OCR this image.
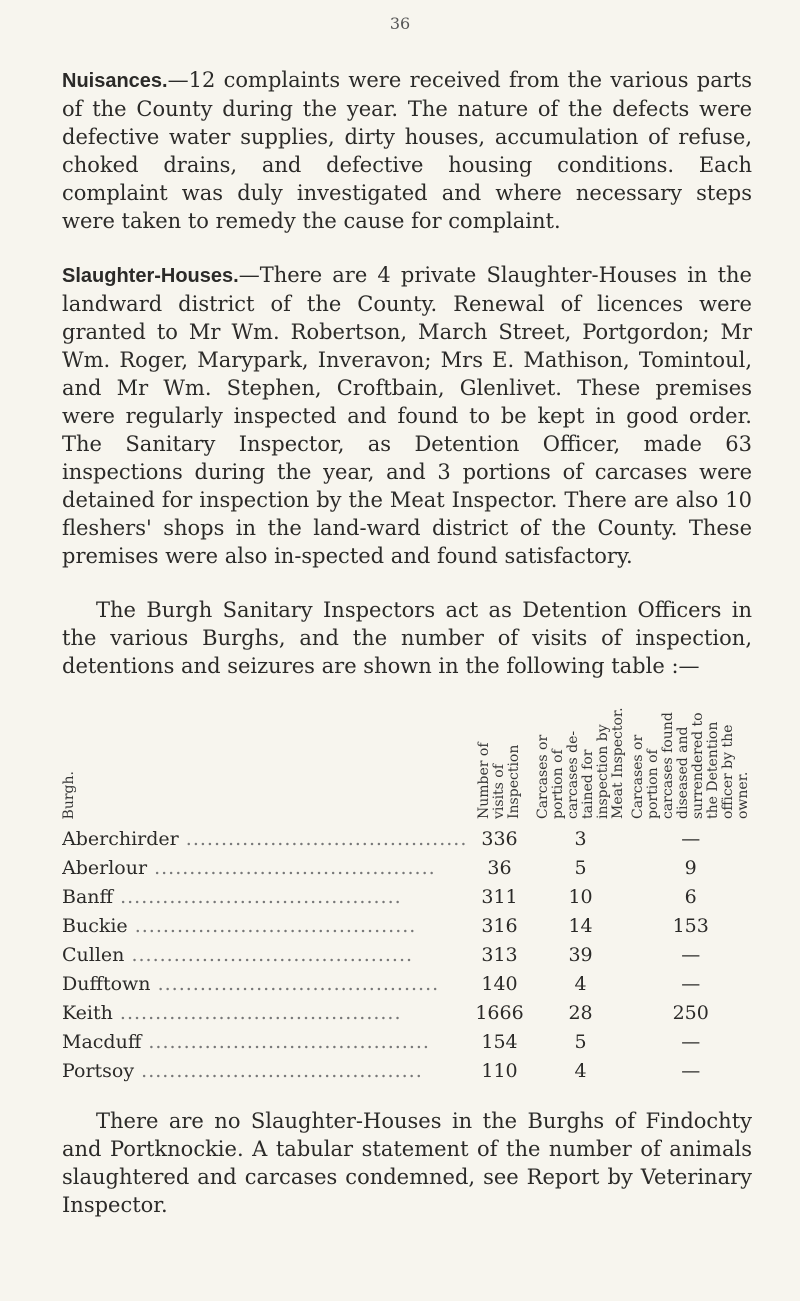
36

Nuisances.—12 complaints were received from the various parts of the County during the year. The nature of the defects were defective water supplies, dirty houses, accumulation of refuse, choked drains, and defective housing conditions. Each complaint was duly investigated and where necessary steps were taken to remedy the cause for complaint.

Slaughter-Houses.—There are 4 private Slaughter-Houses in the landward district of the County. Renewal of licences were granted to Mr Wm. Robertson, March Street, Portgordon; Mr Wm. Roger, Marypark, Inveravon; Mrs E. Mathison, Tomintoul, and Mr Wm. Stephen, Croftbain, Glenlivet. These premises were regularly inspected and found to be kept in good order. The Sanitary Inspector, as Detention Officer, made 63 inspections during the year, and 3 portions of carcases were detained for inspection by the Meat Inspector. There are also 10 fleshers' shops in the land-ward district of the County. These premises were also in-spected and found satisfactory.

The Burgh Sanitary Inspectors act as Detention Officers in the various Burghs, and the number of visits of inspection, detentions and seizures are shown in the following table :—

Burgh.	Number of visits of Inspection	Carcases or portion of carcases de-tained for inspection by Meat Inspector.	Carcases or portion of carcases found diseased and surrendered to the Detention officer by the owner.
Aberchirder ........................................	336	3	—
Aberlour ........................................	36	5	9
Banff ........................................	311	10	6
Buckie ........................................	316	14	153
Cullen ........................................	313	39	—
Dufftown ........................................	140	4	—
Keith ........................................	1666	28	250
Macduff ........................................	154	5	—
Portsoy ........................................	110	4	—

There are no Slaughter-Houses in the Burghs of Findochty and Portknockie. A tabular statement of the number of animals slaughtered and carcases condemned, see Report by Veterinary Inspector.
